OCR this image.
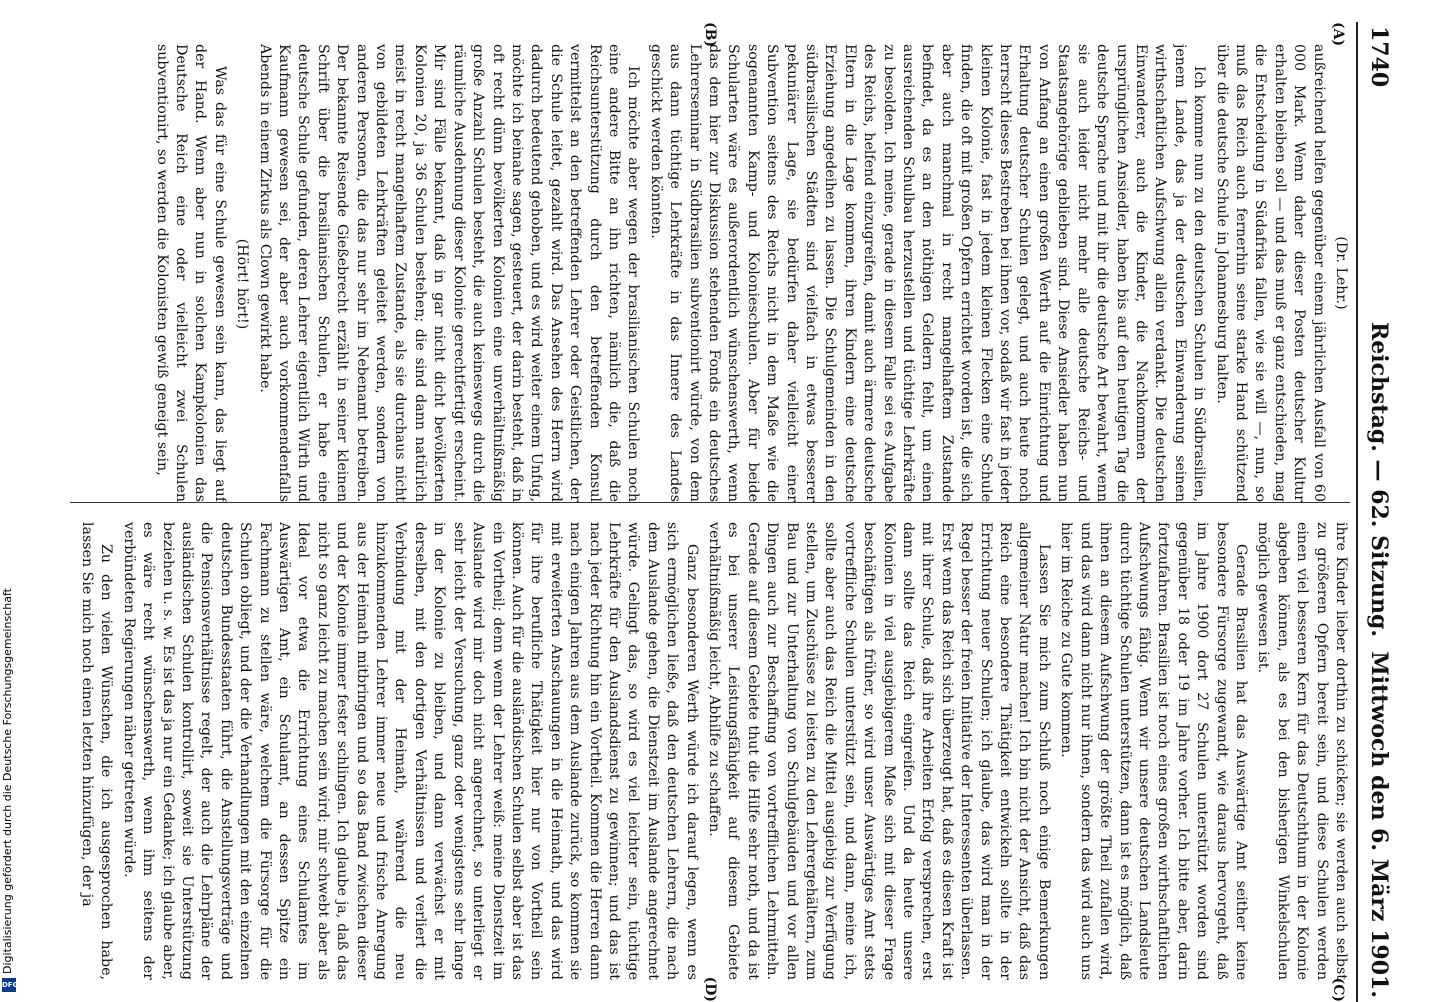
1740
Reichstag. — 62. Sitzung.
Mittwoch den 6. März 1901.
(A)
(B)
(C)
(D)

(Dr. Lehr.)

außreichend helfen gegenüber einem jährlichen Ausfall von 60 000 Mark. Wenn daher dieser Posten deutscher Kultur erhalten bleiben soll — und das muß er ganz entschieden, mag die Entscheidung in Südafrika fallen, wie sie will —, nun, so muß das Reich auch fernerhin seine starke Hand schützend über die deutsche Schule in Johannesburg halten.

Ich komme nun zu den deutschen Schulen in Südbrasilien, jenem Lande, das ja der deutschen Einwanderung seinen wirthschaftlichen Aufschwung allein verdankt. Die deutschen Einwanderer, auch die Kinder, die Nachkommen der ursprünglichen Ansiedler, haben bis auf den heutigen Tag die deutsche Sprache und mit ihr die deutsche Art bewahrt, wenn sie auch leider nicht mehr alle deutsche Reichs- und Staatsangehörige geblieben sind. Diese Ansiedler haben nun von Anfang an einen großen Werth auf die Einrichtung und Erhaltung deutscher Schulen gelegt, und auch heute noch herrscht dieses Bestreben bei ihnen vor, sodaß wir fast in jeder kleinen Kolonie, fast in jedem kleinen Flecken eine Schule finden, die oft mit großen Opfern errichtet worden ist, die sich aber auch manchmal in recht mangelhaftem Zustande befindet, da es an den nöthigen Geldern fehlt, um einen ausreichenden Schulbau herzustellen und tüchtige Lehrkräfte zu besolden. Ich meine, gerade in diesem Falle sei es Aufgabe des Reichs, helfend einzugreifen, damit auch ärmere deutsche Eltern in die Lage kommen, ihren Kindern eine deutsche Erziehung angedeihen zu lassen. Die Schulgemeinden in den südbrasilischen Städten sind vielfach in etwas besserer pekuniärer Lage, sie bedürfen daher vielleicht einer Subvention seitens des Reichs nicht in dem Maße wie die sogenannten Kamp- und Kolonieschulen. Aber für beide Schularten wäre es außerordentlich wünschenswerth, wenn das dem hier zur Diskussion stehenden Fonds ein deutsches Lehrerseminar in Südbrasilien subventionirt würde, von dem aus dann tüchtige Lehrkräfte in das Innere des Landes geschickt werden könnten.

Ich möchte aber wegen der brasilianischen Schulen noch eine andere Bitte an ihn richten, nämlich die, daß die Reichsunterstützung durch den betreffenden Konsul vermittelst an den betreffenden Lehrer oder Geistlichen, der die Schule leitet, gezahlt wird. Das Ansehen des Herrn wird dadurch bedeutend gehoben, und es wird weiter einem Unfug, möchte ich beinahe sagen, gesteuert, der darin besteht, daß in oft recht dünn bevölkerten Kolonien eine unverhältnißmäßig große Anzahl Schulen besteht, die auch keineswegs durch die räumliche Ausdehnung dieser Kolonie gerechtfertigt erscheint. Mir sind Fälle bekannt, daß in gar nicht dicht bevölkerten Kolonien 20, ja 36 Schulen bestehen; die sind dann natürlich meist in recht mangelhaftem Zustande, als sie durchaus nicht von gebildeten Lehrkräften geleitet werden, sondern von anderen Personen, die das nur sehr im Nebenamt betreiben. Der bekannte Reisende Gießebrecht erzählt in seiner kleinen Schrift über die brasilianischen Schulen, er habe eine deutsche Schule gefunden, deren Lehrer eigentlich Wirth und Kaufmann gewesen sei, der aber auch vorkommendenfalls Abends in einem Zirkus als Clown gewirkt habe.

(Hört! hört!)

Was das für eine Schule gewesen sein kann, das liegt auf der Hand. Wenn aber nun in solchen Kampkolonien das Deutsche Reich eine oder vielleicht zwei Schulen subventionirt, so werden die Kolonisten gewiß geneigt sein,

ihre Kinder lieber dorthin zu schicken; sie werden auch selbst zu größeren Opfern bereit sein, und diese Schulen werden einen viel besseren Kern für das Deutschthum in der Kolonie abgeben können, als es bei den bisherigen Winkelschulen möglich gewesen ist.

Gerade Brasilien hat das Auswärtige Amt seither keine besondere Fürsorge zugewandt, wie daraus hervorgeht, daß im Jahre 1900 dort 27 Schulen unterstützt worden sind gegenüber 18 oder 19 im Jahre vorher. Ich bitte aber, darin fortzufahren. Brasilien ist noch eines großen wirthschaftlichen Aufschwungs fähig. Wenn wir unsere deutschen Landsleute durch tüchtige Schulen unterstützen, dann ist es möglich, daß ihnen an diesem Aufschwung der größte Theil zufallen wird, und das wird dann nicht nur ihnen, sondern das wird auch uns hier im Reiche zu Gute kommen.

Lassen Sie mich zum Schluß noch einige Bemerkungen allgemeiner Natur machen! Ich bin nicht der Ansicht, daß das Reich eine besondere Thätigkeit entwickeln sollte in der Errichtung neuer Schulen; ich glaube, das wird man in der Regel besser der freien Initiative der Interessenten überlassen. Erst wenn das Reich sich überzeugt hat, daß es diesen Kraft ist mit ihrer Schule, daß ihre Arbeiten Erfolg versprechen, erst dann sollte das Reich eingreifen. Und da heute unsere Kolonien in viel ausgiebigerem Maße sich mit dieser Frage beschäftigen als früher, so wird unser Auswärtiges Amt stets vortreffliche Schulen unterstützt sein, und dann, meine ich, sollte aber auch das Reich die Mittel ausgiebig zur Verfügung stellen, um Zuschüsse zu leisten zu den Lehrergehältern, zum Bau und zur Unterhaltung von Schulgebäuden und vor allen Dingen auch zur Beschaffung von vortrefflichen Lehrmitteln. Gerade auf diesem Gebiete thut die Hilfe sehr noth, und da ist es bei unserer Leistungsfähigkeit auf diesem Gebiete verhältnißmäßig leicht, Abhilfe zu schaffen.

Ganz besonderen Werth würde ich darauf legen, wenn es sich ermöglichen ließe, daß den deutschen Lehrern, die nach dem Auslande gehen, die Dienstzeit im Auslande angerechnet würde. Gelingt das, so wird es viel leichter sein, tüchtige Lehrkräfte für den Auslandsdienst zu gewinnen; und das ist nach jeder Richtung hin ein Vortheil. Kommen die Herren dann nach einigen Jahren aus dem Auslande zurück, so kommen sie mit erweiterten Anschauungen in die Heimath, und das wird für ihre berufliche Thätigkeit hier nur von Vortheil sein können. Auch für die ausländischen Schulen selbst aber ist das ein Vortheil; denn wenn der Lehrer weiß: meine Dienstzeit im Auslande wird mir doch nicht angerechnet, so unterliegt er sehr leicht der Versuchung, ganz oder wenigstens sehr lange in der Kolonie zu bleiben, und dann verwächst er mit derselben, mit den dortigen Verhältnissen und verliert die Verbindung mit der Heimath, während die neu hinzukommenden Lehrer immer neue und frische Anregung aus der Heimath mitbringen und so das Band zwischen dieser und der Kolonie immer fester schlingen. Ich glaube ja, daß das nicht so ganz leicht zu machen sein wird; mir schwebt aber als Ideal vor etwa die Errichtung eines Schulamtes im Auswärtigen Amt, ein Schulamt, an dessen Spitze ein Fachmann zu stellen wäre, welchem die Fürsorge für die Schulen obliegt, und der die Verhandlungen mit den einzelnen deutschen Bundesstaaten führt, die Anstellungsverträge und die Pensionsverhältnisse regelt, der auch die Lehrpläne der ausländischen Schulen kontrollirt, soweit sie Unterstützung beziehen u. s. w. Es ist das ja nur ein Gedanke; ich glaube aber, es wäre recht wünschenswerth, wenn ihm seitens der verbündeten Regierungen näher getreten würde.

Zu den vielen Wünschen, die ich ausgesprochen habe, lassen Sie mich noch einen letzten hinzufügen, der ja

DFG
Digitalisierung gefördert durch die Deutsche Forschungsgemeinschaft
